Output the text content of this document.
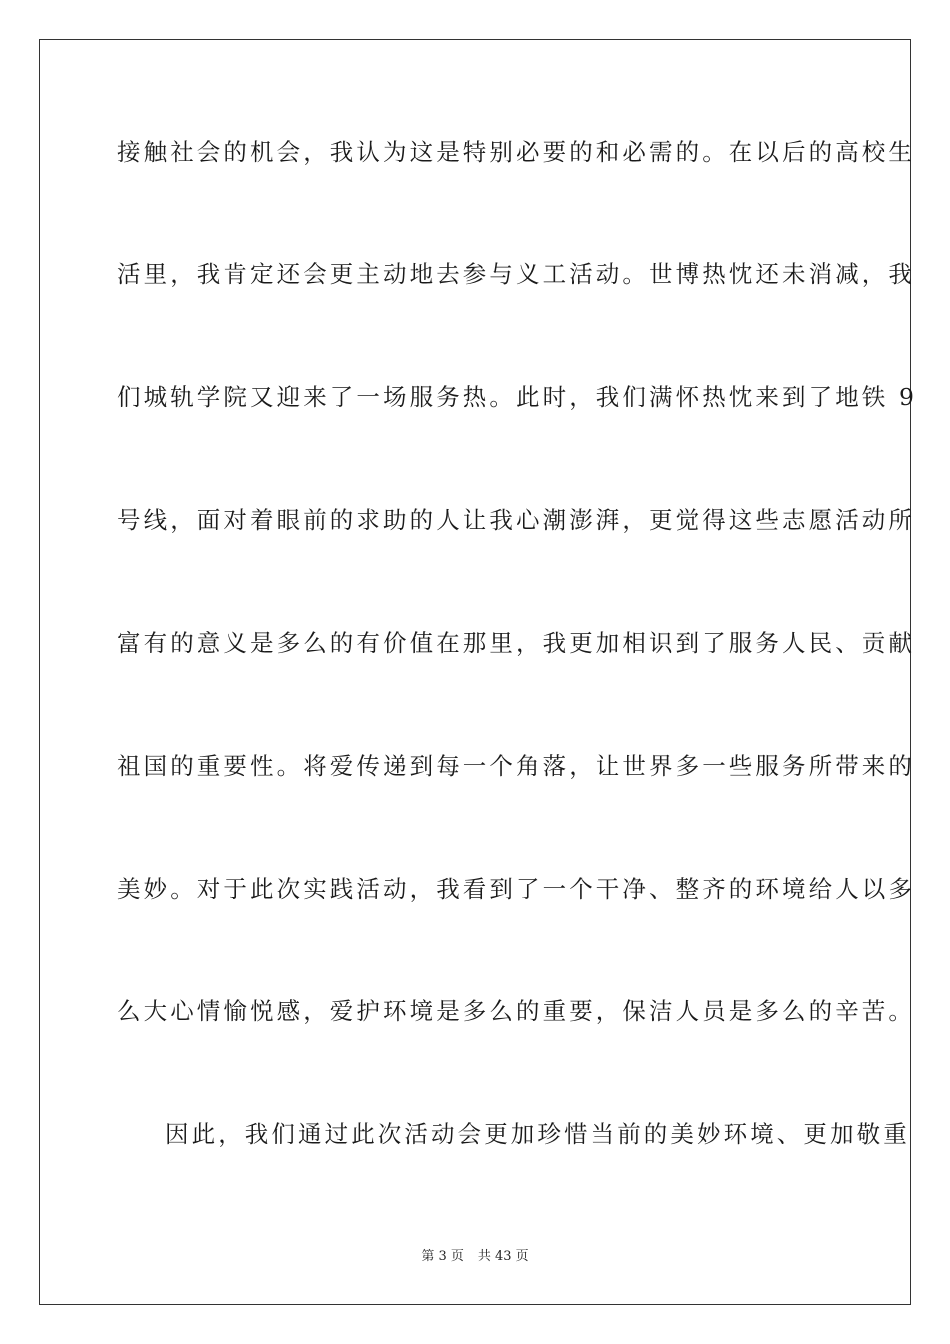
接触社会的机会，我认为这是特别必要的和必需的。在以后的高校生
活里，我肯定还会更主动地去参与义工活动。世博热忱还未消减，我
们城轨学院又迎来了一场服务热。此时，我们满怀热忱来到了地铁 9
号线，面对着眼前的求助的人让我心潮澎湃，更觉得这些志愿活动所
富有的意义是多么的有价值在那里，我更加相识到了服务人民、贡献
祖国的重要性。将爱传递到每一个角落，让世界多一些服务所带来的
美妙。对于此次实践活动，我看到了一个干净、整齐的环境给人以多
么大心情愉悦感，爱护环境是多么的重要，保洁人员是多么的辛苦。
因此，我们通过此次活动会更加珍惜当前的美妙环境、更加敬重
第 3 页 共 43 页
